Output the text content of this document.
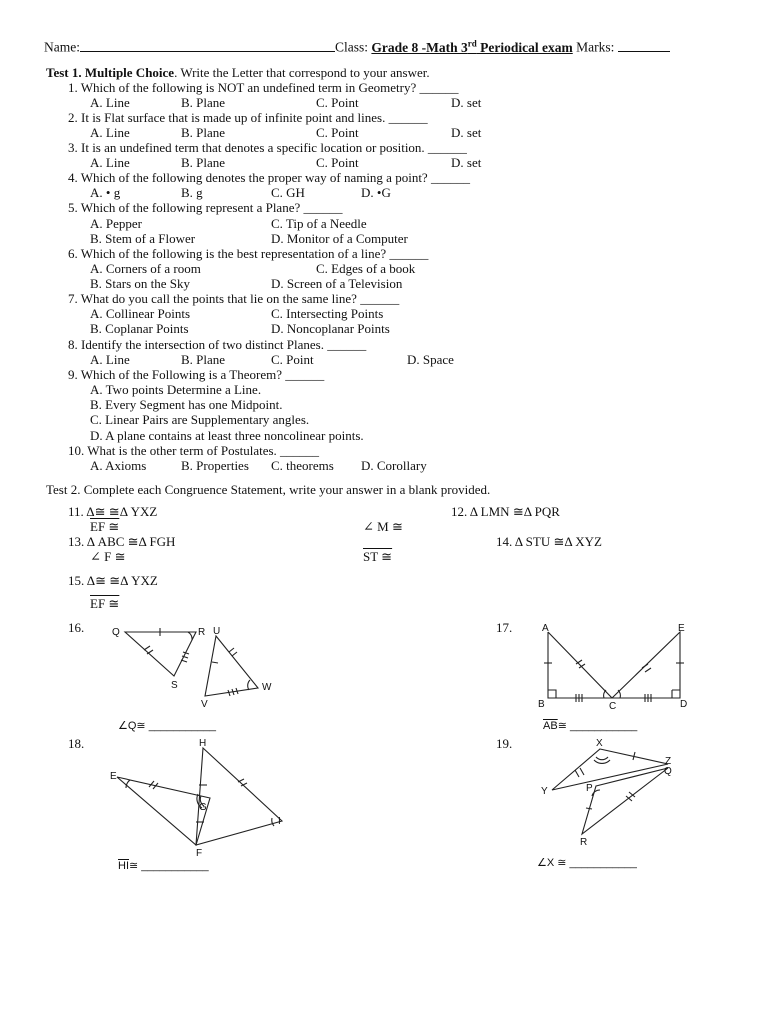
Name:	Class: Grade 8 -Math 3rd Periodical exam Marks:
Test 1. Multiple Choice. Write the Letter that correspond to your answer.
1. Which of the following is NOT an undefined term in Geometry? ______
A. Line	B. Plane	C. Point	D. set
2. It is Flat surface that is made up of infinite point and lines. ______
A. Line	B. Plane	C. Point	D. set
3. It is an undefined term that denotes a specific location or position. ______
A. Line	B. Plane	C. Point	D. set
4. Which of the following denotes the proper way of naming a point? ______
A. • g	B. g	C. GH	D. •G
5. Which of the following represent a Plane? ______
A. Pepper	C. Tip of a Needle
B. Stem of a Flower	D. Monitor of a Computer
6. Which of the following is the best representation of a line? ______
A. Corners of a room	C. Edges of a book
B. Stars on the Sky	D. Screen of a Television
7. What do you call the points that lie on the same line? ______
A. Collinear Points	C. Intersecting Points
B. Coplanar Points	D. Noncoplanar Points
8. Identify the intersection of two distinct Planes. ______
A. Line	B. Plane	C. Point	D. Space
9. Which of the Following is a Theorem? ______
A. Two points Determine a Line.
B. Every Segment has one Midpoint.
C. Linear Pairs are Supplementary angles.
D. A plane contains at least three noncolinear points.
10. What is the other term of Postulates. ______
A. Axioms	B. Properties C. theorems D. Corollary
Test 2. Complete each Congruence Statement, write your answer in a blank provided.
11. Δ≅ ≅Δ YXZ
EF ≅
12. Δ LMN ≅Δ PQR
∠ M ≅
13. Δ ABC ≅Δ FGH
∠ F ≅
14. Δ STU ≅Δ XYZ
ST ≅
15. Δ≅ ≅Δ YXZ
EF ≅
16.	17.
18.	19.
∠Q≅ ___________	$\overline{AB}≅$ ___________
$\overline{HI}≅$ ___________	∠X ≅ ___________
Q	R
S
U
V
W
A	E
B	C	D
H
E
G
I
F
X
Z
Q
Y	P
R
